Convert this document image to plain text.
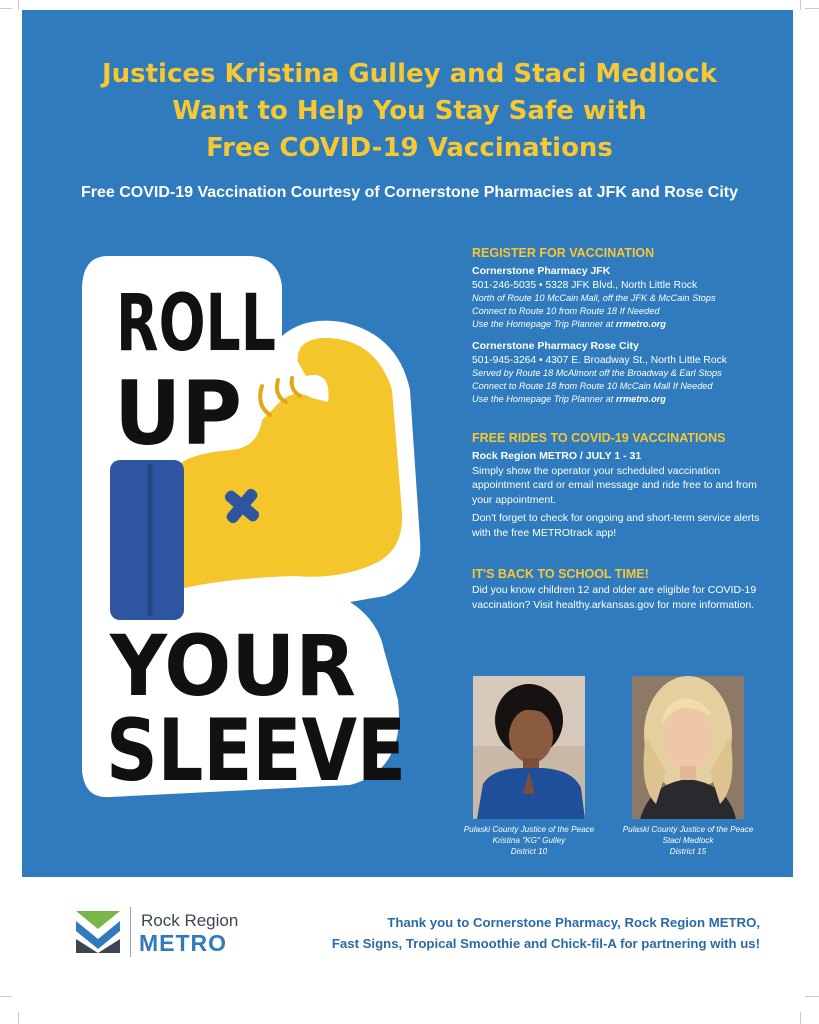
Justices Kristina Gulley and Staci Medlock
Want to Help You Stay Safe with
Free COVID-19 Vaccinations
Free COVID-19 Vaccination Courtesy of Cornerstone Pharmacies at JFK and Rose City
ROLL
UP
YOUR
SLEEVE
REGISTER FOR VACCINATION
Cornerstone Pharmacy JFK
501-246-5035 • 5328 JFK Blvd., North Little Rock
North of Route 10 McCain Mall, off the JFK & McCain Stops
Connect to Route 10 from Route 18 If Needed
Use the Homepage Trip Planner at rrmetro.org
Cornerstone Pharmacy Rose City
501-945-3264 • 4307 E. Broadway St., North Little Rock
Served by Route 18 McAlmont off the Broadway & Earl Stops
Connect to Route 18 from Route 10 McCain Mall If Needed
Use the Homepage Trip Planner at rrmetro.org
FREE RIDES TO COVID-19 VACCINATIONS
Rock Region METRO / JULY 1 - 31
Simply show the operator your scheduled vaccination appointment card or email message and ride free to and from your appointment.
Don't forget to check for ongoing and short-term service alerts with the free METROtrack app!
IT'S BACK TO SCHOOL TIME!
Did you know children 12 and older are eligible for COVID-19 vaccination? Visit healthy.arkansas.gov for more information.
Pulaski County Justice of the Peace
Kristina "KG" Gulley
District 10
Pulaski County Justice of the Peace
Staci Medlock
District 15
Rock Region
METRO
Thank you to Cornerstone Pharmacy, Rock Region METRO,
Fast Signs, Tropical Smoothie and Chick-fil-A for partnering with us!
